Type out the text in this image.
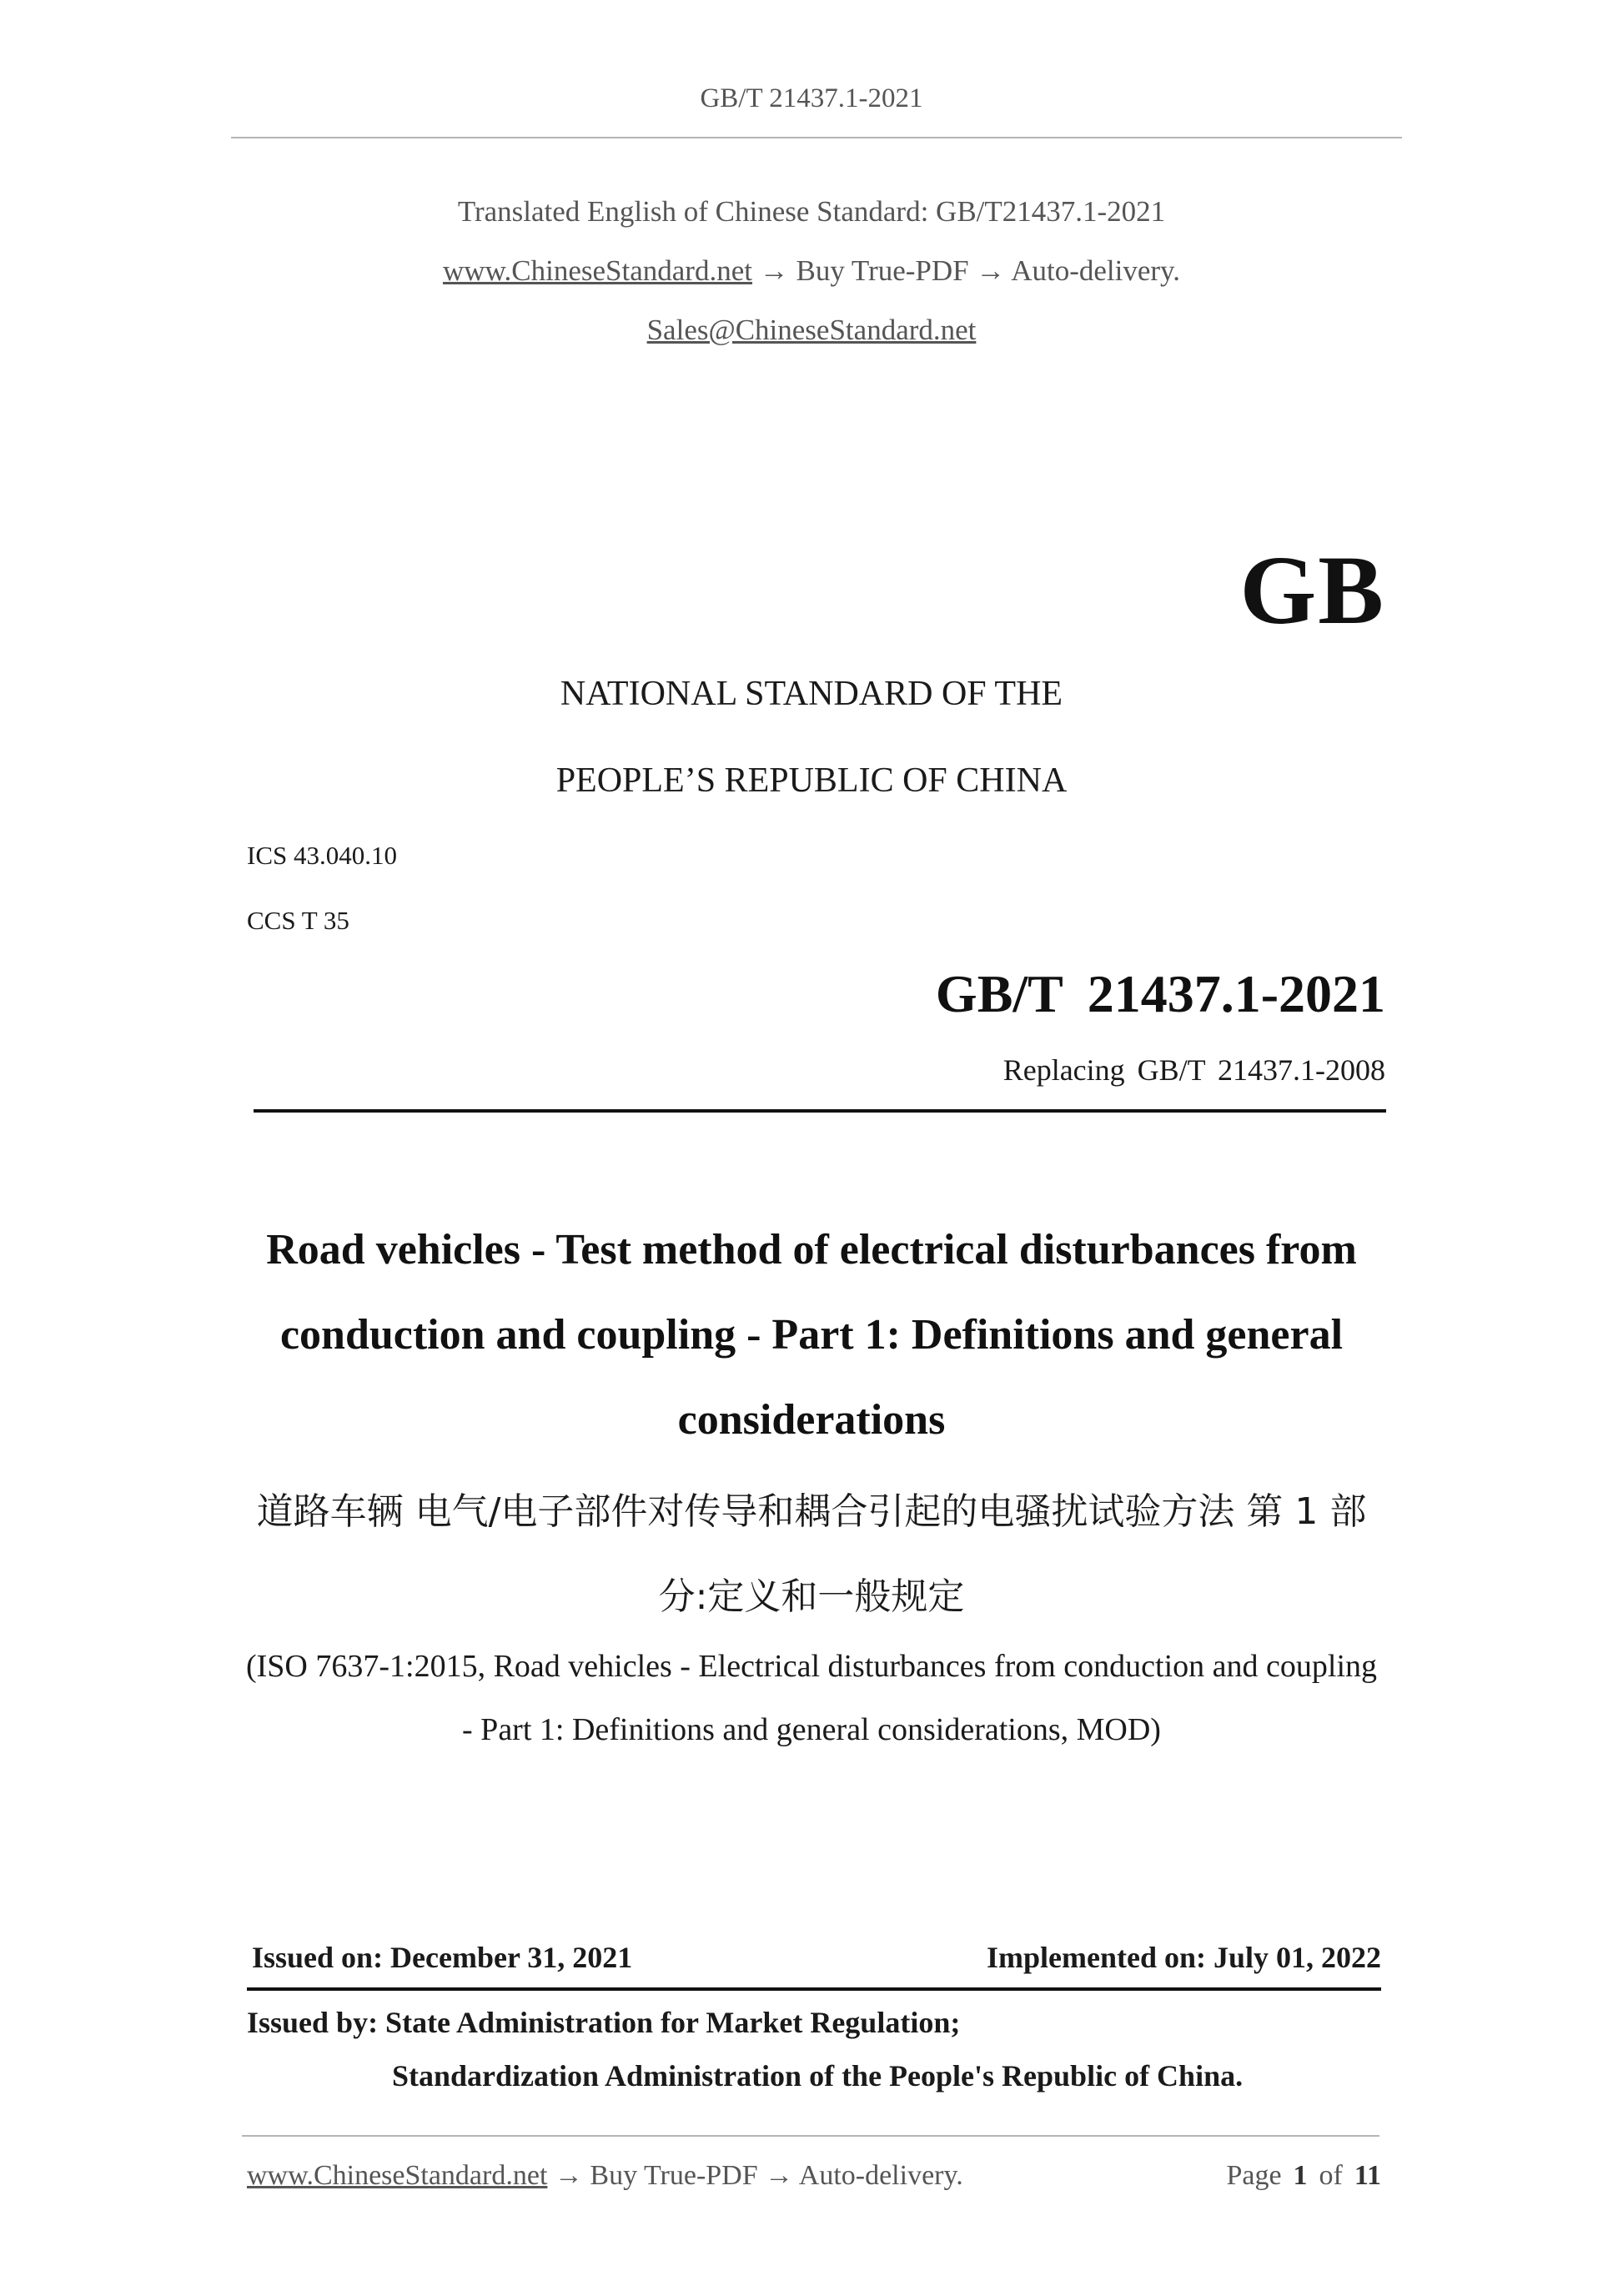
GB/T 21437.1-2021
Translated English of Chinese Standard: GB/T21437.1-2021
www.ChineseStandard.net → Buy True-PDF → Auto-delivery.
Sales@ChineseStandard.net
GB
NATIONAL STANDARD OF THE
PEOPLE’S REPUBLIC OF CHINA
ICS 43.040.10
CCS T 35
GB/T 21437.1-2021
Replacing GB/T 21437.1-2008
Road vehicles - Test method of electrical disturbances from conduction and coupling - Part 1: Definitions and general considerations
道路车辆 电气/电子部件对传导和耦合引起的电骚扰试验方法 第 1 部分:定义和一般规定
(ISO 7637-1:2015, Road vehicles - Electrical disturbances from conduction and coupling - Part 1: Definitions and general considerations, MOD)
Issued on: December 31, 2021	Implemented on: July 01, 2022
Issued by: State Administration for Market Regulation;
Standardization Administration of the People's Republic of China.
www.ChineseStandard.net → Buy True-PDF → Auto-delivery.	Page 1 of 11
